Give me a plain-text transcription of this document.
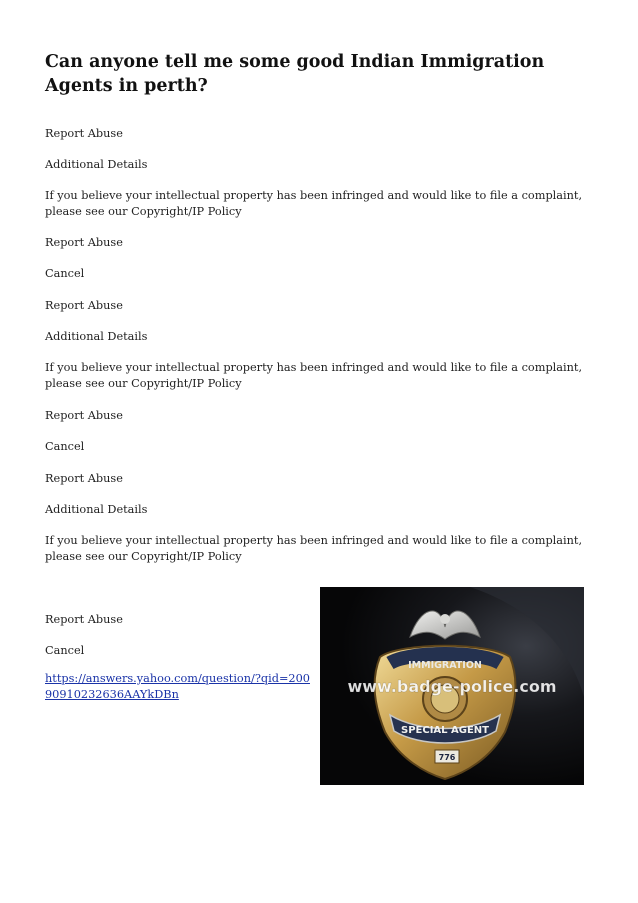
Can anyone tell me some good Indian Immigration Agents in perth?

Report Abuse

Additional Details

If you believe your intellectual property has been infringed and would like to file a complaint, please see our Copyright/IP Policy

Report Abuse

Cancel

Report Abuse

Additional Details

If you believe your intellectual property has been infringed and would like to file a complaint, please see our Copyright/IP Policy

Report Abuse

Cancel

Report Abuse

Additional Details

If you believe your intellectual property has been infringed and would like to file a complaint, please see our Copyright/IP Policy

Report Abuse

Cancel

https://answers.yahoo.com/question/?qid=20090910232636AAYkDBn
IMMIGRATION
SPECIAL AGENT
776
www.badge-police.com
